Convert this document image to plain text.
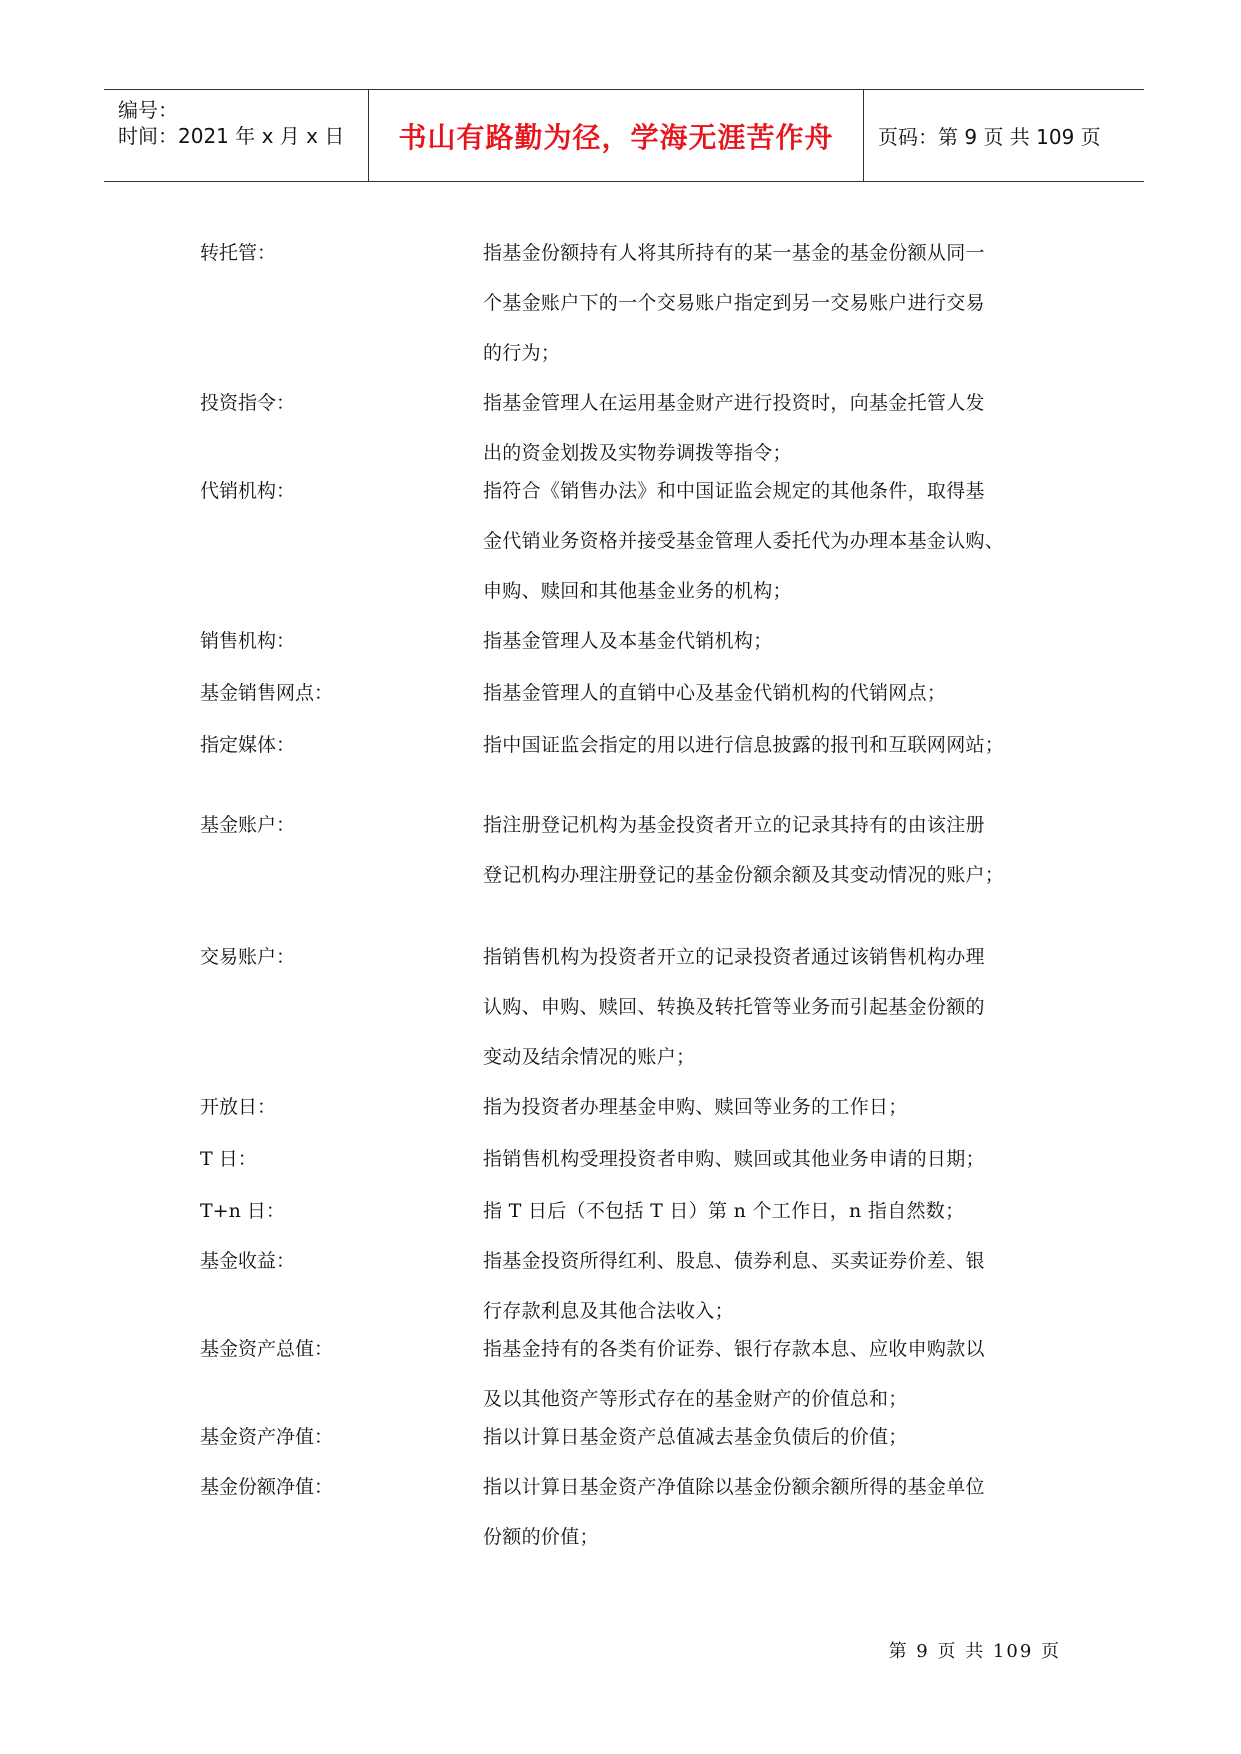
编号：
时间：2021 年 x 月 x 日 书山有路勤为径，学海无涯苦作舟	页码：第 9 页 共 109 页
转托管：	指基金份额持有人将其所持有的某一基金的基金份额从同一
个基金账户下的一个交易账户指定到另一交易账户进行交易
的行为；
投资指令：	指基金管理人在运用基金财产进行投资时，向基金托管人发
出的资金划拨及实物券调拨等指令；
代销机构：	指符合《销售办法》和中国证监会规定的其他条件，取得基
金代销业务资格并接受基金管理人委托代为办理本基金认购、
申购、赎回和其他基金业务的机构；
销售机构：	指基金管理人及本基金代销机构；
基金销售网点：	指基金管理人的直销中心及基金代销机构的代销网点；
指定媒体：	指中国证监会指定的用以进行信息披露的报刊和互联网网站；
基金账户：	指注册登记机构为基金投资者开立的记录其持有的由该注册
登记机构办理注册登记的基金份额余额及其变动情况的账户；
交易账户：	指销售机构为投资者开立的记录投资者通过该销售机构办理
认购、申购、赎回、转换及转托管等业务而引起基金份额的
变动及结余情况的账户；
开放日：	指为投资者办理基金申购、赎回等业务的工作日；
T 日：	指销售机构受理投资者申购、赎回或其他业务申请的日期；
T+n 日：	指 T 日后（不包括 T 日）第 n 个工作日，n 指自然数；
基金收益：	指基金投资所得红利、股息、债券利息、买卖证券价差、银
行存款利息及其他合法收入；
基金资产总值：	指基金持有的各类有价证券、银行存款本息、应收申购款以
及以其他资产等形式存在的基金财产的价值总和；
基金资产净值：	指以计算日基金资产总值减去基金负债后的价值；
基金份额净值：	指以计算日基金资产净值除以基金份额余额所得的基金单位
份额的价值；
第 9 页 共 109 页
